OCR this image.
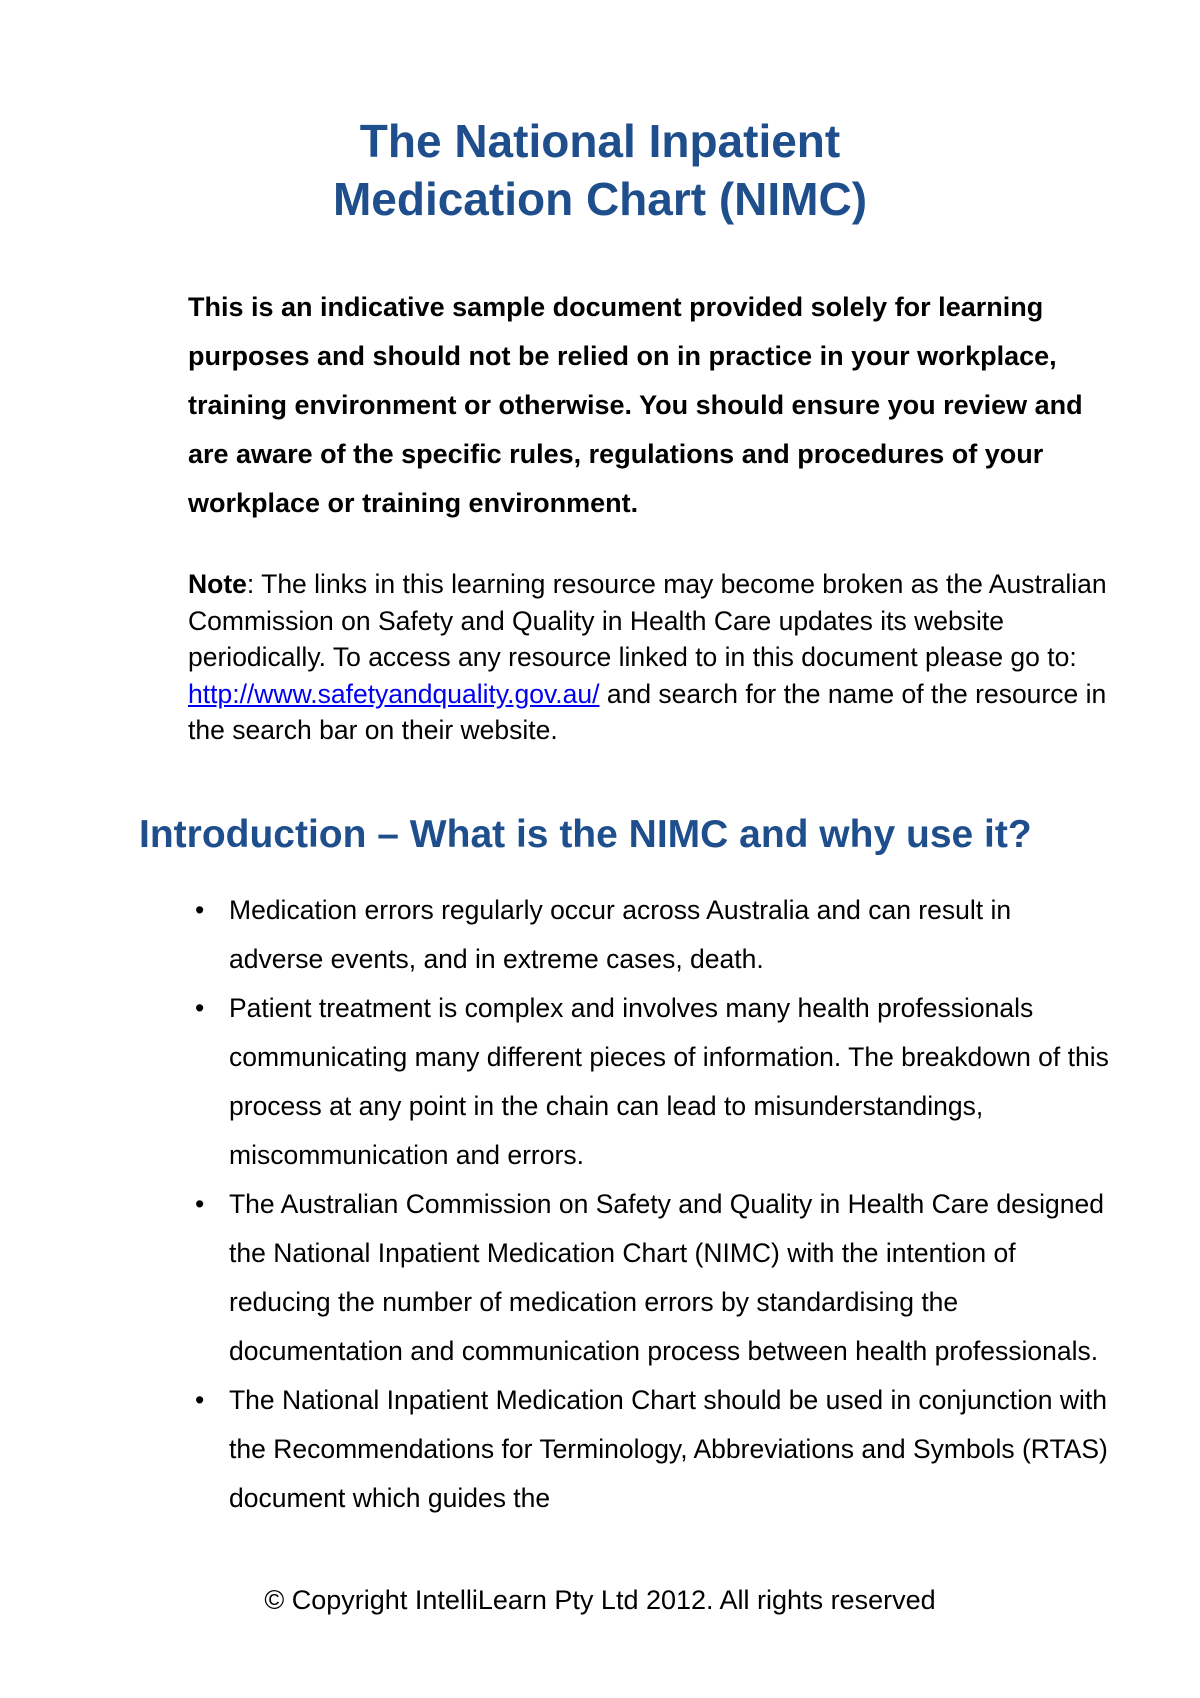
The National Inpatient
Medication Chart (NIMC)

This is an indicative sample document provided solely for learning purposes and should not be relied on in practice in your workplace, training environment or otherwise. You should ensure you review and are aware of the specific rules, regulations and procedures of your workplace or training environment.

Note: The links in this learning resource may become broken as the Australian Commission on Safety and Quality in Health Care updates its website periodically. To access any resource linked to in this document please go to: http://www.safetyandquality.gov.au/ and search for the name of the resource in the search bar on their website.

Introduction – What is the NIMC and why use it?
• Medication errors regularly occur across Australia and can result in adverse events, and in extreme cases, death.
• Patient treatment is complex and involves many health professionals communicating many different pieces of information. The breakdown of this process at any point in the chain can lead to misunderstandings, miscommunication and errors.
• The Australian Commission on Safety and Quality in Health Care designed the National Inpatient Medication Chart (NIMC) with the intention of reducing the number of medication errors by standardising the documentation and communication process between health professionals.
• The National Inpatient Medication Chart should be used in conjunction with the Recommendations for Terminology, Abbreviations and Symbols (RTAS) document which guides the

© Copyright IntelliLearn Pty Ltd 2012. All rights reserved
